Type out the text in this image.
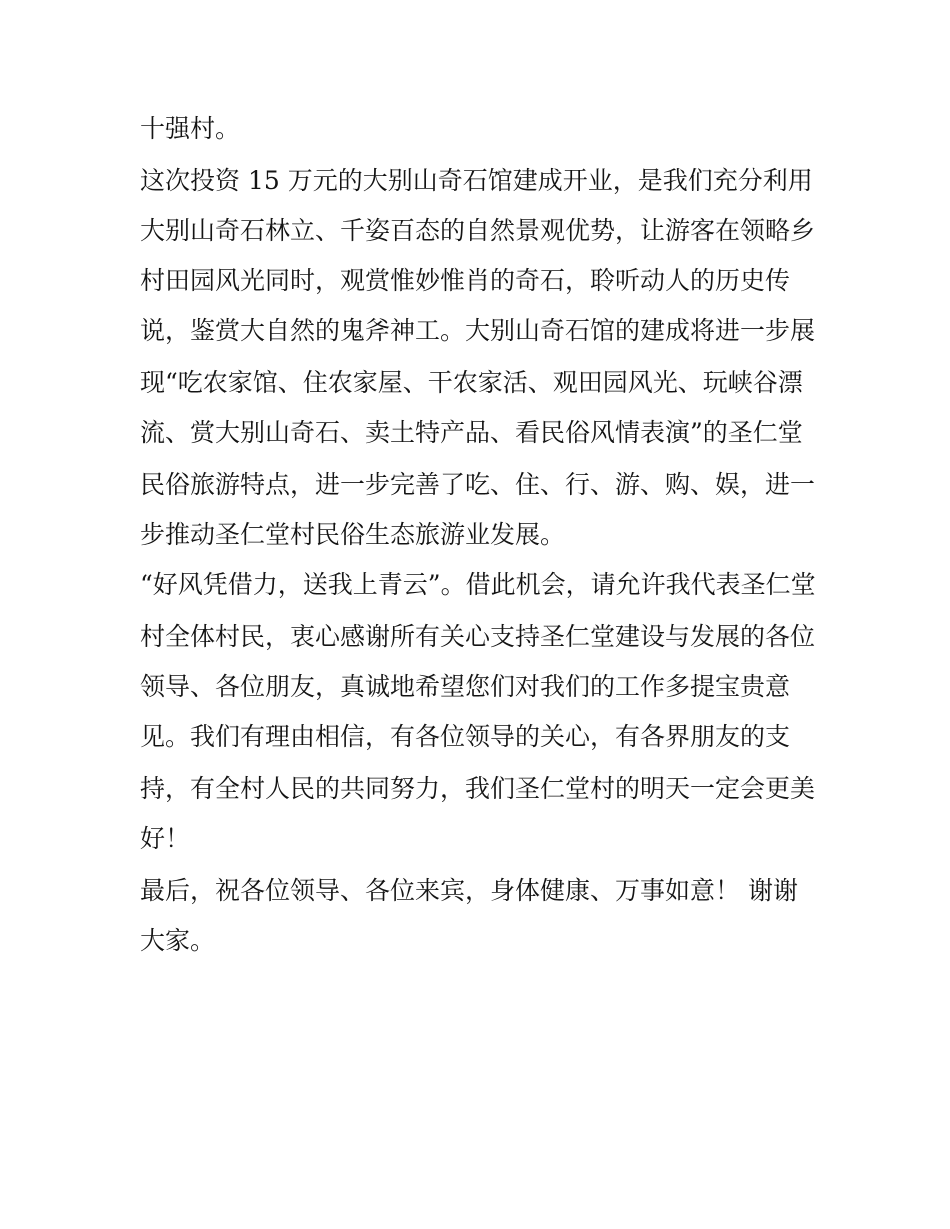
十强村。
这次投资 15 万元的大别山奇石馆建成开业，是我们充分利用
大别山奇石林立、千姿百态的自然景观优势，让游客在领略乡
村田园风光同时，观赏惟妙惟肖的奇石，聆听动人的历史传
说，鉴赏大自然的鬼斧神工。大别山奇石馆的建成将进一步展
现“吃农家馆、住农家屋、干农家活、观田园风光、玩峡谷漂
流、赏大别山奇石、卖土特产品、看民俗风情表演”的圣仁堂
民俗旅游特点，进一步完善了吃、住、行、游、购、娱，进一
步推动圣仁堂村民俗生态旅游业发展。
“好风凭借力，送我上青云”。借此机会，请允许我代表圣仁堂
村全体村民，衷心感谢所有关心支持圣仁堂建设与发展的各位
领导、各位朋友，真诚地希望您们对我们的工作多提宝贵意
见。我们有理由相信，有各位领导的关心，有各界朋友的支
持，有全村人民的共同努力，我们圣仁堂村的明天一定会更美
好！
最后，祝各位领导、各位来宾，身体健康、万事如意！ 谢谢
大家。
